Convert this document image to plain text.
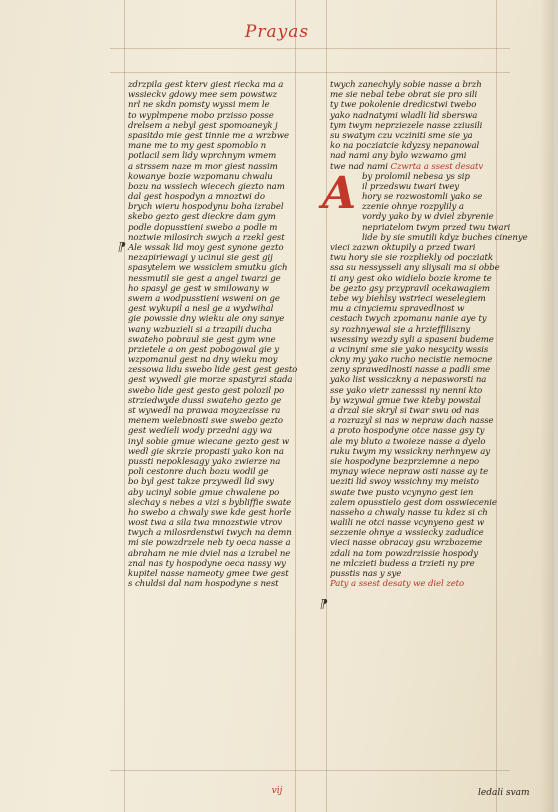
Prayas
⁋
⁋
zdrzpila gest kterv giest riecka ma a
wssieckv gdowy mee sem powstwz
nrl ne skdn pomsty wyssi mem le
to wyplmpene mobo przisso posse
drelsem a nebyl gest spomoaneyk j
spasitdo mie gest tinnie me a wrzbwe
mane me to my gest spomoblo n
potlacil sem lidy wprchnym wmem
a strssem naze m mor giest nassim
kowanye bozie wzpomanu chwalu
bozu na wssiech wiecech giezto nam
dal gest hospodyn a mnoztwi do
brych wieru hospodynu boha izrabel
skebo gezto gest dieckre dam gym
podle dopusstieni swebo a podle m
noztwie milosirch swych a rzekl gest
Ale wssak lid moy gest synone gezto
nezapiriewagi y ucinui sie gest gij
spasytelem we wssiclem smutku gich
nessmutil sie gest a angel twarzi ge
ho spasyl ge gest w smilowany w
swem a wodpusstieni wsweni on ge
gest wykupil a nesl ge a wydwihal
gie powssie dny wieku ale ony sanye
wany wzbuzieli si a trzapili ducha
swateho pobraul sie gest gym wne
przietele a on gest pobogowal gie y
wzpomanul gest na dny wieku moy
zessowa lidu swebo lide gest gest gesto
gest wywedl gie morze spastyrzi stada
swebo lide gest gesto gest polozil po
strziedwyde dussi swateho gezto ge
st wywedl na prawaa moyzezisse ra
menem welebnosti swe swebo gezto
gest wedieli wody przedni agy wa
inyl sobie gmue wiecane gezto gest w
wedl gie skrzie propasti yako kon na
pussti nepoklesagy yako zwierze na
poli cestonre duch bozu wodil ge
bo byl gest takze przywedl lid swy
aby ucinyl sobie gmue chwalene po
slechay s nebes a vizi s bybliffie swate
ho swebo a chwaly swe kde gest horle
wost twa a sila twa mnozstwie vtrov
twych a milosrdenstwi twych na demn
mi sie powzdrzele neb ty oeca nasse a
abraham ne mie dviel nas a izrabel ne
znal nas ty hospodyne oeca nassy wy
kupitel nasse nameoty gmee twe gest
s chuldsi dal nam hospodyne s nest
twych zanechyly sobie nasse a brzh
me sie nebal tebe obrat sie pro sili
ty twe pokolenie dredicstwi twebo
yako nadnatymi wladli lid sberswa
tym twym neprziezele nasse zziusili
su swatym czu vcziniti sme sie ya
ko na pocziatcie kdyzsy nepanowal
nad nami any bylo wzwamo gmi
twe nad nami Czwrta a ssest desatv
A by prolomil nebesa ys sip
il przedswu twari twey
hory se rozwostomli yako se
zzenie ohnye rozpylily a
vordy yako by w dviel zbyrenie
nepriatelom twym przed twu twari
lide by sie smutili kdyz buches cinenye
vieci zazwn oktupily a przed twari
twu hory sie sie rozpliekly od pocziatk
ssa su nessysseli any sliysali ma si obbe
ti any gest oko widielo bozie krome te
be gezto gsy przypravil ocekawagiem
tebe wy biehlsy wstrieci weselegiem
mu a cinyciemu spravedlnost w
cestach twych zpomanu nanie aye ty
sy rozhnyewal sie a hrzieffiliszny
wsessiny wezdy syli a spaseni budeme
a vcinyni sme sie yako nesycity wssis
ckny my yako rucho necistie nemocne
zeny sprawedlnosti nasse a padli sme
yako list wssiczkny a nepasworsti na
sse yako vietr zanesssi ny nenni kto
by wzywal gmue twe kteby powstal
a drzal sie skryl si twar swu od nas
a rozrazyl si nas w nepraw dach nasse
a proto hospodyne otce nasse gsy ty
ale my bluto a twoieze nasse a dyelo
ruku twym my wssickny nerhnyew ay
sie hospodyne bezprziemne a nepo
mynay wiece nepraw osti nasse ay te
ueziti lid swoy wssichny my meisto
swate twe pusto vcynyno gest ien
zalem opusstielo gest dom osswiecenie
nasseho a chwaly nasse tu kdez si ch
walili ne otci nasse vcynyeno gest w
sezzenie ohnye a wssiecky zadudice
vieci nasse obracay gsu wrzbozeme
zdali na tom powzdrzissie hospody
ne mlczieti budess a trzieti ny pre
pusstis nas y sye
Paty a ssest desaty we diel zeto
vij	ledali svam
